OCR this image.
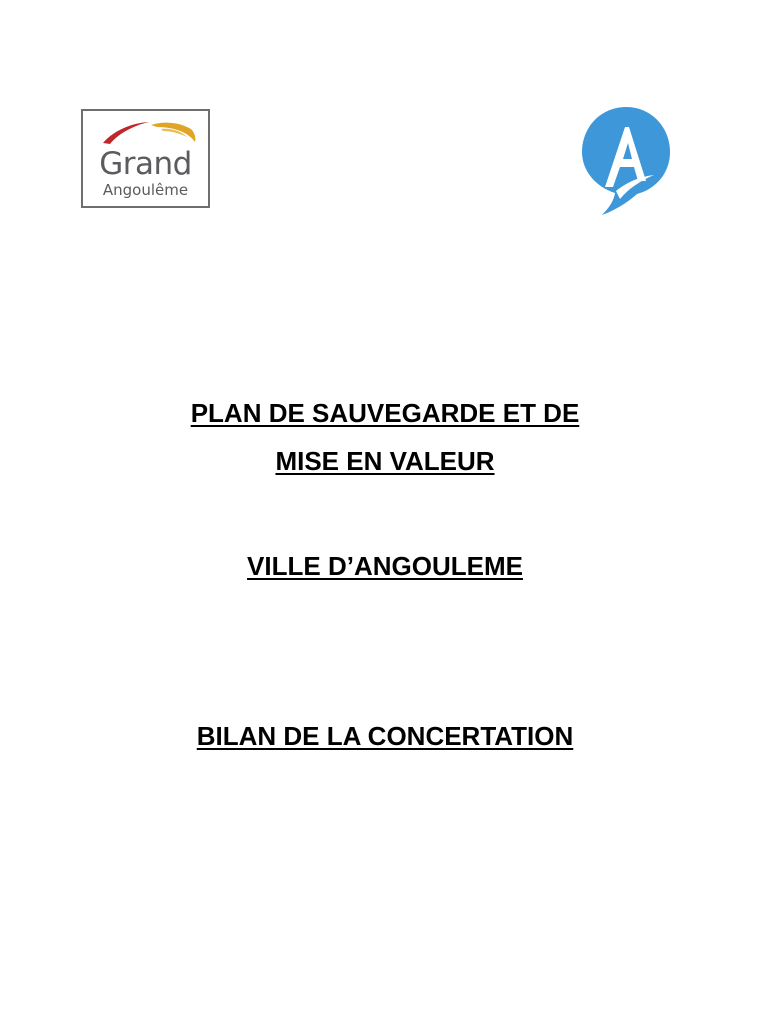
Grand
Angoulême
PLAN DE SAUVEGARDE ET DE
MISE EN VALEUR
VILLE D’ANGOULEME
BILAN DE LA CONCERTATION
